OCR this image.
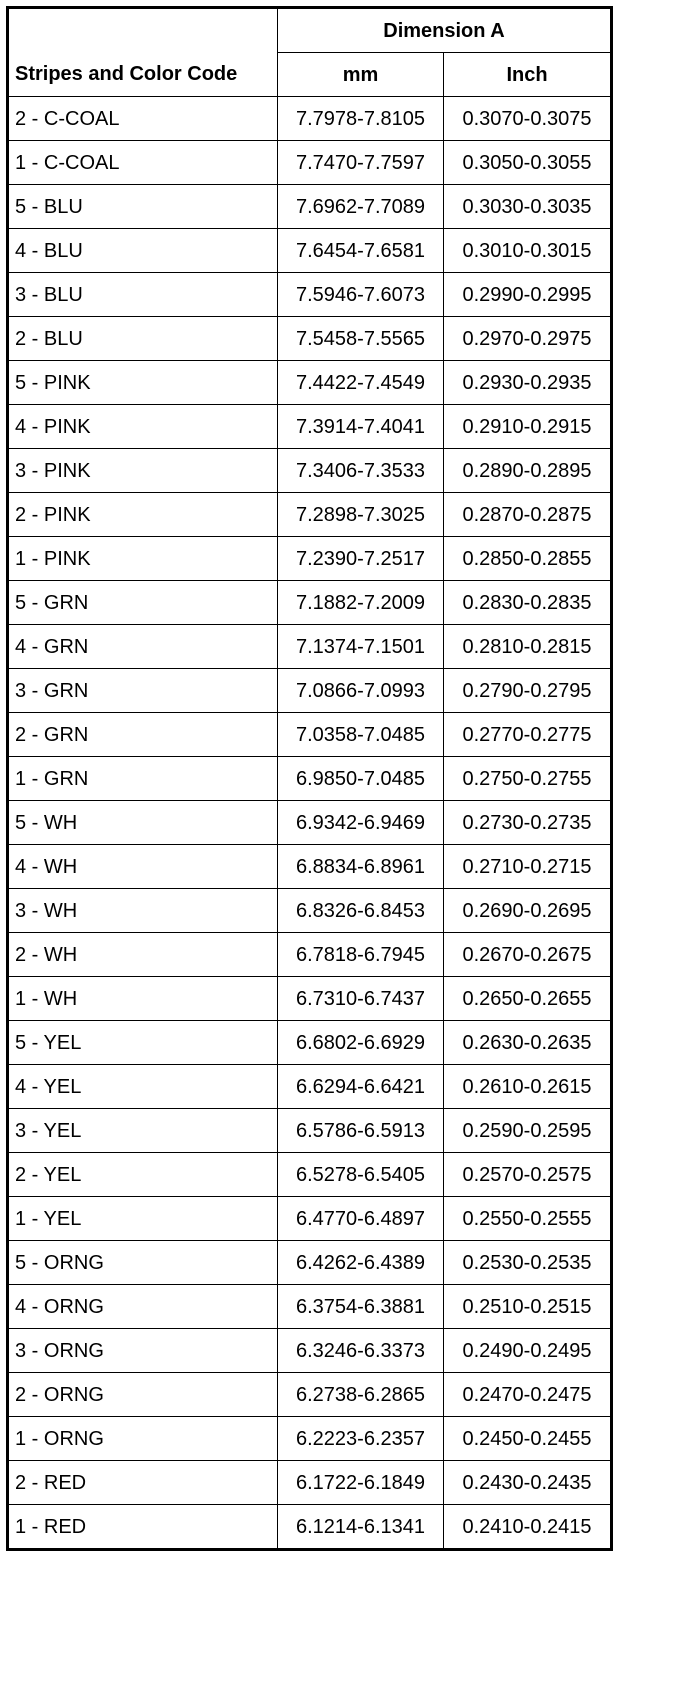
Stripes and Color Code	Dimension A	
	mm	Inch
2 - C-COAL	7.7978-7.8105	0.3070-0.3075
1 - C-COAL	7.7470-7.7597	0.3050-0.3055
5 - BLU	7.6962-7.7089	0.3030-0.3035
4 - BLU	7.6454-7.6581	0.3010-0.3015
3 - BLU	7.5946-7.6073	0.2990-0.2995
2 - BLU	7.5458-7.5565	0.2970-0.2975
5 - PINK	7.4422-7.4549	0.2930-0.2935
4 - PINK	7.3914-7.4041	0.2910-0.2915
3 - PINK	7.3406-7.3533	0.2890-0.2895
2 - PINK	7.2898-7.3025	0.2870-0.2875
1 - PINK	7.2390-7.2517	0.2850-0.2855
5 - GRN	7.1882-7.2009	0.2830-0.2835
4 - GRN	7.1374-7.1501	0.2810-0.2815
3 - GRN	7.0866-7.0993	0.2790-0.2795
2 - GRN	7.0358-7.0485	0.2770-0.2775
1 - GRN	6.9850-7.0485	0.2750-0.2755
5 - WH	6.9342-6.9469	0.2730-0.2735
4 - WH	6.8834-6.8961	0.2710-0.2715
3 - WH	6.8326-6.8453	0.2690-0.2695
2 - WH	6.7818-6.7945	0.2670-0.2675
1 - WH	6.7310-6.7437	0.2650-0.2655
5 - YEL	6.6802-6.6929	0.2630-0.2635
4 - YEL	6.6294-6.6421	0.2610-0.2615
3 - YEL	6.5786-6.5913	0.2590-0.2595
2 - YEL	6.5278-6.5405	0.2570-0.2575
1 - YEL	6.4770-6.4897	0.2550-0.2555
5 - ORNG	6.4262-6.4389	0.2530-0.2535
4 - ORNG	6.3754-6.3881	0.2510-0.2515
3 - ORNG	6.3246-6.3373	0.2490-0.2495
2 - ORNG	6.2738-6.2865	0.2470-0.2475
1 - ORNG	6.2223-6.2357	0.2450-0.2455
2 - RED	6.1722-6.1849	0.2430-0.2435
1 - RED	6.1214-6.1341	0.2410-0.2415
